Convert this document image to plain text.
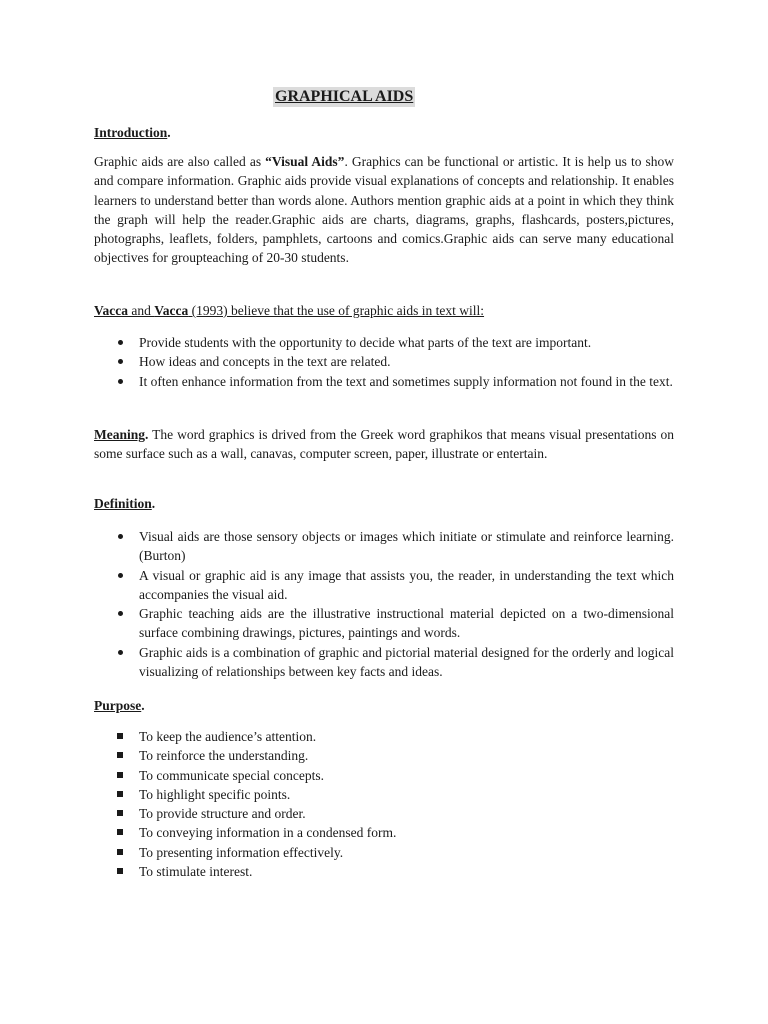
GRAPHICAL AIDS

Introduction.

Graphic aids are also called as “Visual Aids”. Graphics can be functional or artistic. It is help us to show and compare information. Graphic aids provide visual explanations of concepts and relationship. It enables learners to understand better than words alone. Authors mention graphic aids at a point in which they think the graph will help the reader.Graphic aids are charts, diagrams, graphs, flashcards, posters,pictures, photographs, leaflets, folders, pamphlets, cartoons and comics.Graphic aids can serve many educational objectives for groupteaching of 20-30 students.

Vacca and Vacca (1993) believe that the use of graphic aids in text will:

Provide students with the opportunity to decide what parts of the text are important.
How ideas and concepts in the text are related.
It often enhance information from the text and sometimes supply information not found in the text.

Meaning. The word graphics is drived from the Greek word graphikos that means visual presentations on some surface such as a wall, canavas, computer screen, paper, illustrate or entertain.

Definition.

Visual aids are those sensory objects or images which initiate or stimulate and reinforce learning. (Burton)
A visual or graphic aid is any image that assists you, the reader, in understanding the text which accompanies the visual aid.
Graphic teaching aids are the illustrative instructional material depicted on a two-dimensional surface combining drawings, pictures, paintings and words.
Graphic aids is a combination of graphic and pictorial material designed for the orderly and logical visualizing of relationships between key facts and ideas.

Purpose.

To keep the audience’s attention.
To reinforce the understanding.
To communicate special concepts.
To highlight specific points.
To provide structure and order.
To conveying information in a condensed form.
To presenting information effectively.
To stimulate interest.
